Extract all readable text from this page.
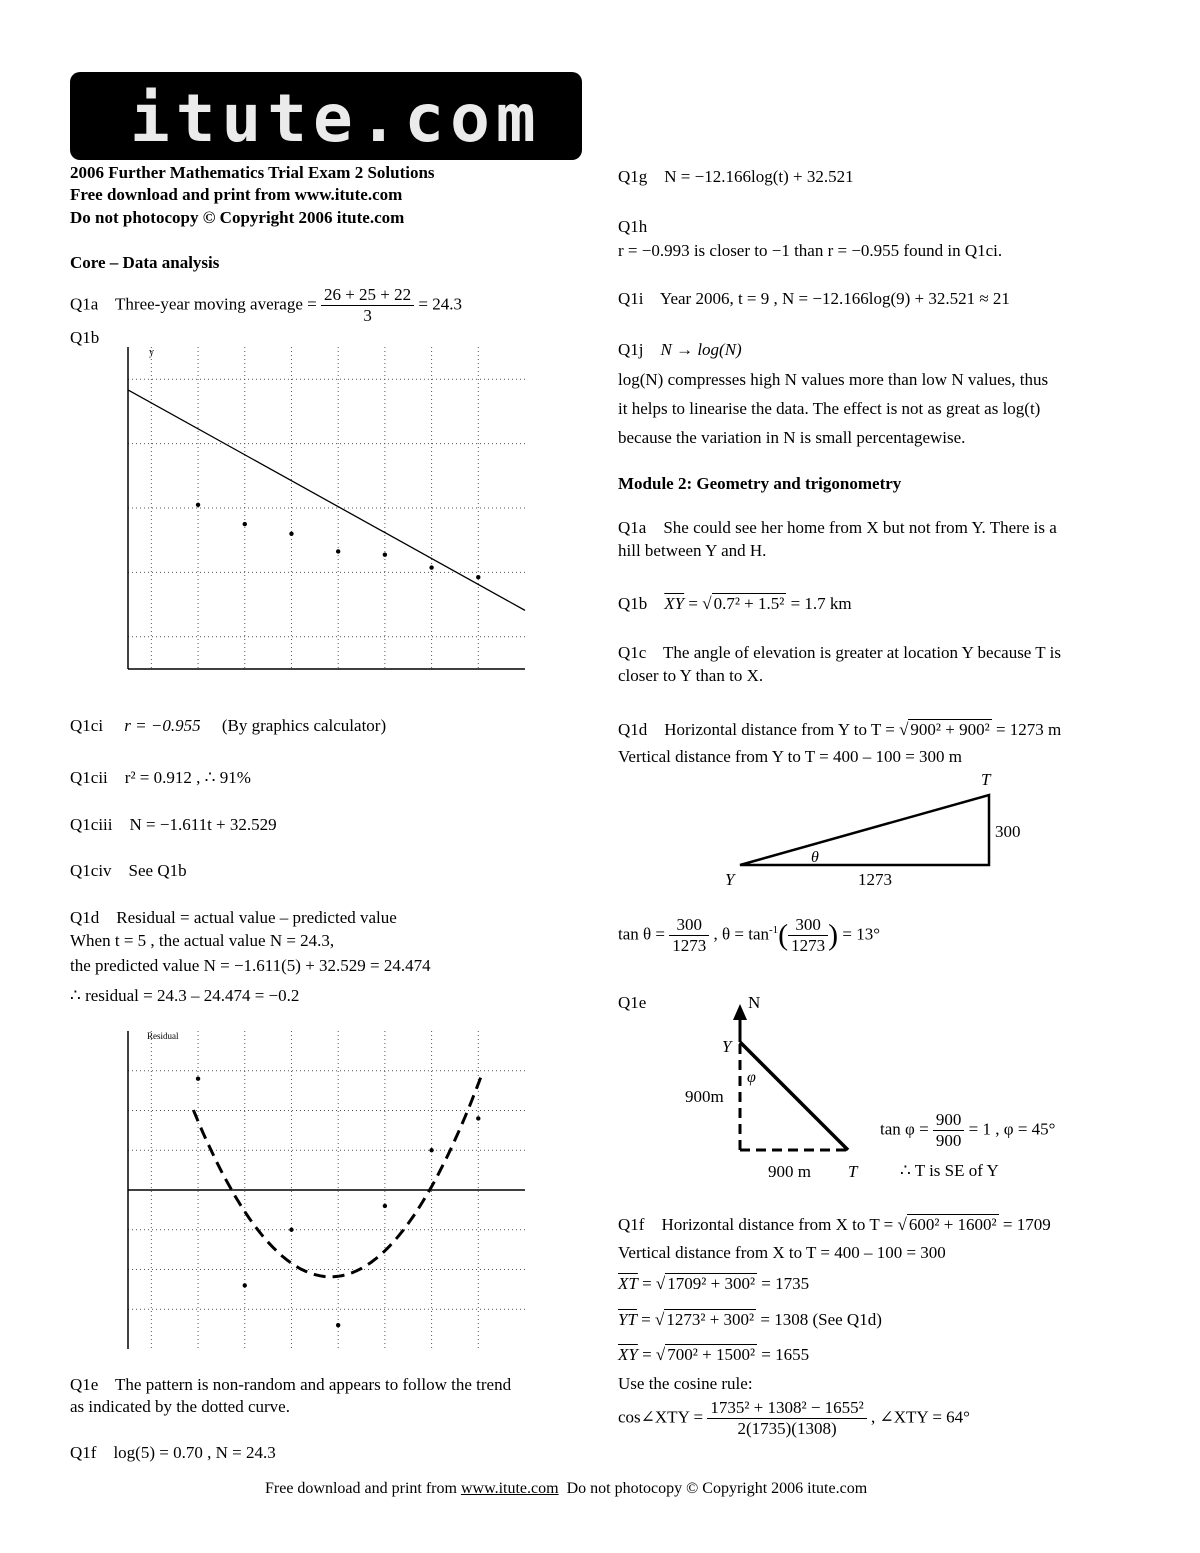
itute.com
2006 Further Mathematics Trial Exam 2 Solutions
Free download and print from www.itute.com
Do not photocopy © Copyright 2006 itute.com
Core – Data analysis
Q1a Three-year moving average = $\frac{26 + 25 + 22}{3} = 24.3$
Q1b
y
Q1ci r = −0.955 (By graphics calculator)
Q1cii r² = 0.912 , ∴ 91%
Q1ciii N = −1.611t + 32.529
Q1civ See Q1b
Q1d Residual = actual value – predicted value
When t = 5 , the actual value N = 24.3,
the predicted value N = −1.611(5) + 32.529 = 24.474
∴ residual = 24.3 – 24.474 = −0.2
Residual
Q1e The pattern is non-random and appears to follow the trend
as indicated by the dotted curve.
Q1f log(5) = 0.70 , N = 24.3
Q1g N = −12.166log(t) + 32.521
Q1h
r = −0.993 is closer to −1 than r = −0.955 found in Q1ci.
Q1i Year 2006, t = 9 , N = −12.166log(9) + 32.521 ≈ 21
Q1j N → log(N)
log(N) compresses high N values more than low N values, thus
it helps to linearise the data. The effect is not as great as log(t)
because the variation in N is small percentagewise.
Module 2: Geometry and trigonometry
Q1a She could see her home from X but not from Y. There is a
hill between Y and H.
Q1b $\overline{XY}$ = √ 0.7² + 1.5² = 1.7 km
Q1c The angle of elevation is greater at location Y because T is
closer to Y than to X.
Q1d Horizontal distance from Y to T = √ 900² + 900² = 1273 m
Vertical distance from Y to T = 400 – 100 = 300 m
T
Y
θ
300
1273
$\tan \theta = \frac{300}{1273}$ , $\theta = \tan^{-1}( \frac{300}{1273}$ ) = 13°
Q1e	N
Y
φ
900m
900 m T
$\tan \varphi = \frac{900}{900} = 1$ , φ = 45°
∴ T is SE of Y
Q1f Horizontal distance from X to T = √ 600² + 1600² = 1709
Vertical distance from X to T = 400 – 100 = 300
$\overline{XT}$ = √ 1709² + 300² = 1735
$\overline{YT}$ = √ 1273² + 300² = 1308 (See Q1d)
$\overline{XY}$ = √ 700² + 1500² = 1655
Use the cosine rule:
cos∠XTY = $\frac{\text{1735² + 1308² − 1655²}}{2(1735)(1308)}$ , ∠XTY = 64°
Free download and print from www.itute.com Do not photocopy © Copyright 2006 itute.com
